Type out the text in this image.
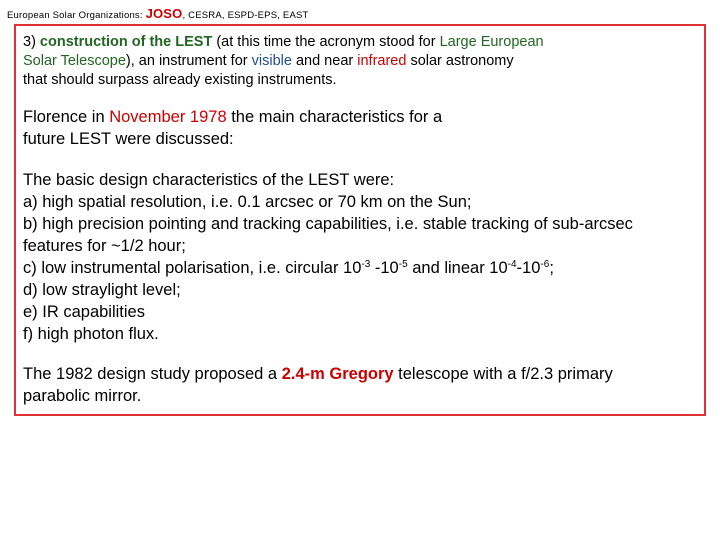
European Solar Organizations: JOSO, CESRA, ESPD-EPS, EAST

3) construction of the LEST (at this time the acronym stood for Large European
Solar Telescope), an instrument for visible and near infrared solar astronomy
that should surpass already existing instruments.

Florence in November 1978 the main characteristics for a
future LEST were discussed:

The basic design characteristics of the LEST were:
a) high spatial resolution, i.e. 0.1 arcsec or 70 km on the Sun;
b) high precision pointing and tracking capabilities, i.e. stable tracking of sub-arcsec
features for ~1/2 hour;
c) low instrumental polarisation, i.e. circular $10^{-3}$ $-10^{-5}$ and linear $10^{-4}-10^{-6}$;
d) low straylight level;
e) IR capabilities
f) high photon flux.

The 1982 design study proposed a 2.4-m Gregory telescope with a f/2.3 primary
parabolic mirror.
